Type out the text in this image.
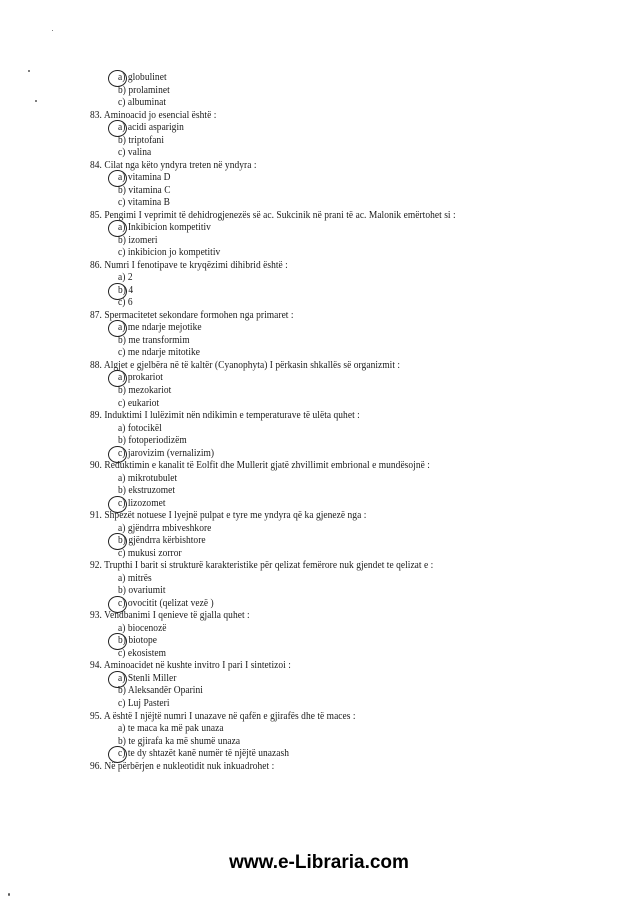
a) globulinet
b) prolaminet
c) albuminat
83. Aminoacid jo esencial është :
a) acidi asparigin
b) triptofani
c) valina
84. Cilat nga këto yndyra treten në yndyra :
a) vitamina D
b) vitamina C
c) vitamina B
85. Pengimi I veprimit të dehidrogjenezës së ac. Sukcinik në prani të ac. Malonik emërtohet si :
a) Inkibicion kompetitiv
b) izomeri
c) inkibicion jo kompetitiv
86. Numri I fenotipave te kryqëzimi dihibrid është :
a) 2
b) 4
c) 6
87. Spermacitetet sekondare formohen nga primaret :
a) me ndarje mejotike
b) me transformim
c) me ndarje mitotike
88. Algjet e gjelbëra në të kaltër (Cyanophyta) I përkasin shkallës së organizmit :
a) prokariot
b) mezokariot
c) eukariot
89. Induktimi I lulëzimit nën ndikimin e temperaturave të ulëta quhet :
a) fotocikël
b) fotoperiodizëm
c) jarovizim (vernalizim)
90. Reduktimin e kanalit të Eolfit dhe Mullerit gjatë zhvillimit embrional e mundësojnë :
a) mikrotubulet
b) ekstruzomet
c) lizozomet
91. Shpezët notuese I lyejnë pulpat e tyre me yndyra që ka gjenezë nga :
a) gjëndrra mbiveshkore
b) gjëndrra kërbishtore
c) mukusi zorror
92. Trupthi I barit si strukturë karakteristike për qelizat femërore nuk gjendet te qelizat e :
a) mitrës
b) ovariumit
c) ovocitit (qelizat vezë )
93. Vendbanimi I qenieve të gjalla quhet :
a) biocenozë
b) biotope
c) ekosistem
94. Aminoacidet në kushte invitro I pari I sintetizoi :
a) Stenli Miller
b) Aleksandër Oparini
c) Luj Pasteri
95. A është I njëjtë numri I unazave në qafën e gjirafës dhe të maces :
a) te maca ka më pak unaza
b) te gjirafa ka më shumë unaza
c) te dy shtazët kanë numër të njëjtë unazash
96. Në përbërjen e nukleotidit nuk inkuadrohet :
www.e-Libraria.com
